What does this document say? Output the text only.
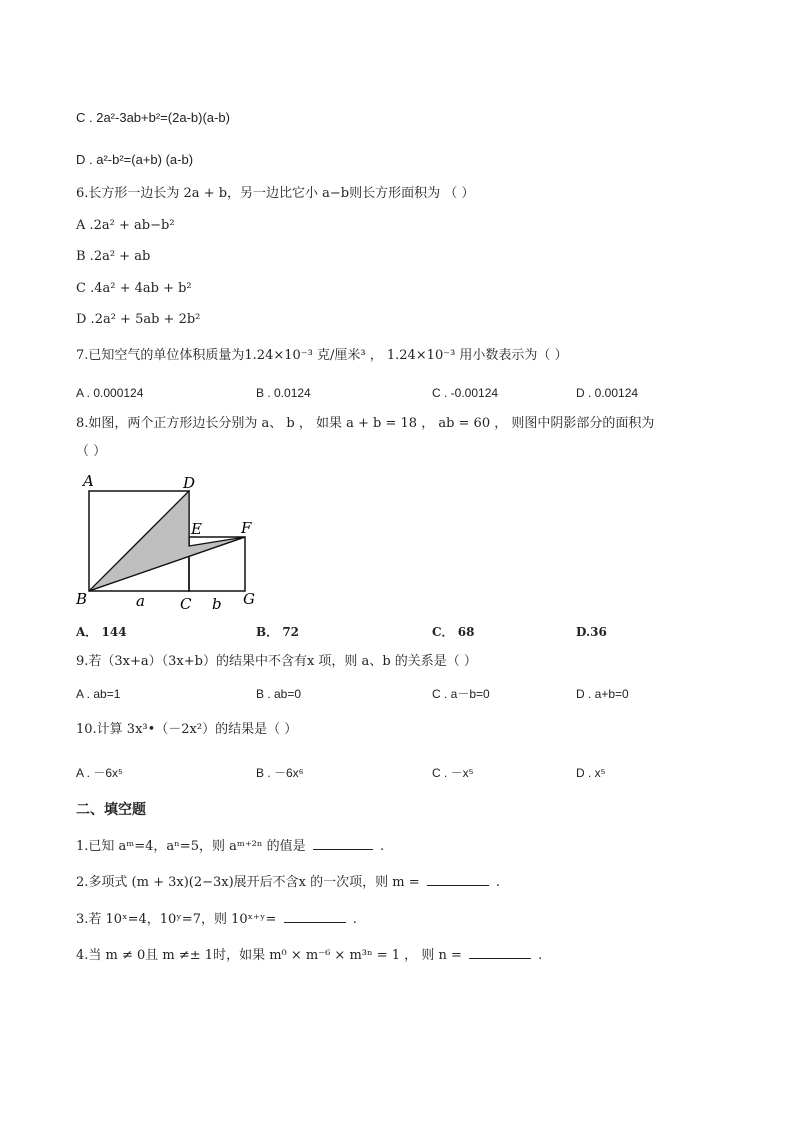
C . 2a²-3ab+b²=(2a-b)(a-b)
D . a²-b²=(a+b) (a-b)
6.长方形一边长为 2a + b，另一边比它小 a−b则长方形面积为 （ ）
A .2a² + ab−b²
B .2a² + ab
C .4a² + 4ab + b²
D .2a² + 5ab + 2b²
7.已知空气的单位体积质量为1.24×10⁻³ 克/厘米³ ， 1.24×10⁻³ 用小数表示为（ ）
A . 0.000124	B . 0.0124	C . -0.00124	D . 0.00124
8.如图，两个正方形边长分别为 a、 b ， 如果 a + b = 18 ， ab = 60 ， 则图中阴影部分的面积为
（ ）
A	D
E	F
B	C	G
a	b
A． 144	B． 72	C． 68	D.36
9.若（3x+a）（3x+b）的结果中不含有x 项，则 a、b 的关系是（ ）
A . ab=1	B . ab=0	C . a－b=0	D . a+b=0
10.计算 3x³•（－2x²）的结果是（ ）
A . －6x⁵	B . －6x⁶	C . －x⁵	D . x⁵
二、填空题
1.已知 aᵐ=4，aⁿ=5，则 aᵐ⁺²ⁿ 的值是	.
2.多项式 (m + 3x)(2−3x)展开后不含x 的一次项，则 m =	.
3.若 10ˣ=4，10ʸ=7，则 10ˣ⁺ʸ=	.
4.当 m ≠ 0且 m ≠± 1时，如果 m⁰ × m⁻⁶ × m³ⁿ = 1 ， 则 n =	.
